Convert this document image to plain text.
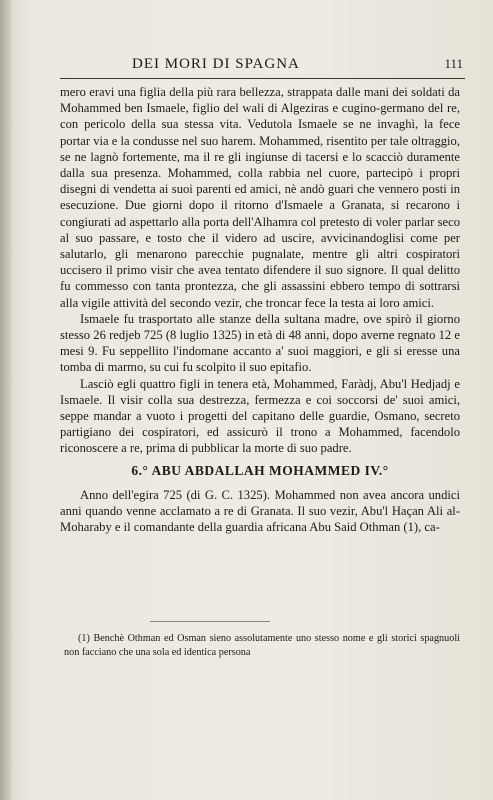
DEI MORI DI SPAGNA	111

mero eravi una figlia della più rara bellezza, strappata dalle mani dei soldati da Mohammed ben Ismaele, figlio del wali di Algeziras e cugino-germano del re, con pericolo della sua stessa vita. Vedutola Ismaele se ne invaghì, la fece portar via e la condusse nel suo harem. Mohammed, risentito per tale oltraggio, se ne lagnò fortemente, ma il re gli ingiunse di tacersi e lo scacciò duramente dalla sua presenza. Mohammed, colla rabbia nel cuore, partecipò i propri disegni di vendetta ai suoi parenti ed amici, nè andò guari che vennero posti in esecuzione. Due giorni dopo il ritorno d'Ismaele a Granata, si recarono i congiurati ad aspettarlo alla porta dell'Alhamra col pretesto di voler parlar seco al suo passare, e tosto che il videro ad uscire, avvicinandoglisi come per salutarlo, gli menarono parecchie pugnalate, mentre gli altri cospiratori uccisero il primo visir che avea tentato difendere il suo signore. Il qual delitto fu commesso con tanta prontezza, che gli assassini ebbero tempo di sottrarsi alla vigile attività del secondo vezir, che troncar fece la testa ai loro amici.

Ismaele fu trasportato alle stanze della sultana madre, ove spirò il giorno stesso 26 redjeb 725 (8 luglio 1325) in età di 48 anni, dopo averne regnato 12 e mesi 9. Fu seppellito l'indomane accanto a' suoi maggiori, e gli si eresse una tomba di marmo, su cui fu scolpito il suo epitafio.

Lasciò egli quattro figli in tenera età, Mohammed, Faràdj, Abu'l Hedjadj e Ismaele. Il visir colla sua destrezza, fermezza e coi soccorsi de' suoi amici, seppe mandar a vuoto i progetti del capitano delle guardie, Osmano, secreto partigiano dei cospiratori, ed assicurò il trono a Mohammed, facendolo riconoscere a re, prima di pubblicar la morte di suo padre.

6.° ABU ABDALLAH MOHAMMED IV.°

Anno dell'egira 725 (di G. C. 1325). Mohammed non avea ancora undici anni quando venne acclamato a re di Granata. Il suo vezir, Abu'l Haçan Ali al-Moharaby e il comandante della guardia africana Abu Said Othman (1), ca-

(1) Benchè Othman ed Osman sieno assolutamente uno stesso nome e gli storici spagnuoli non facciano che una sola ed identica persona
